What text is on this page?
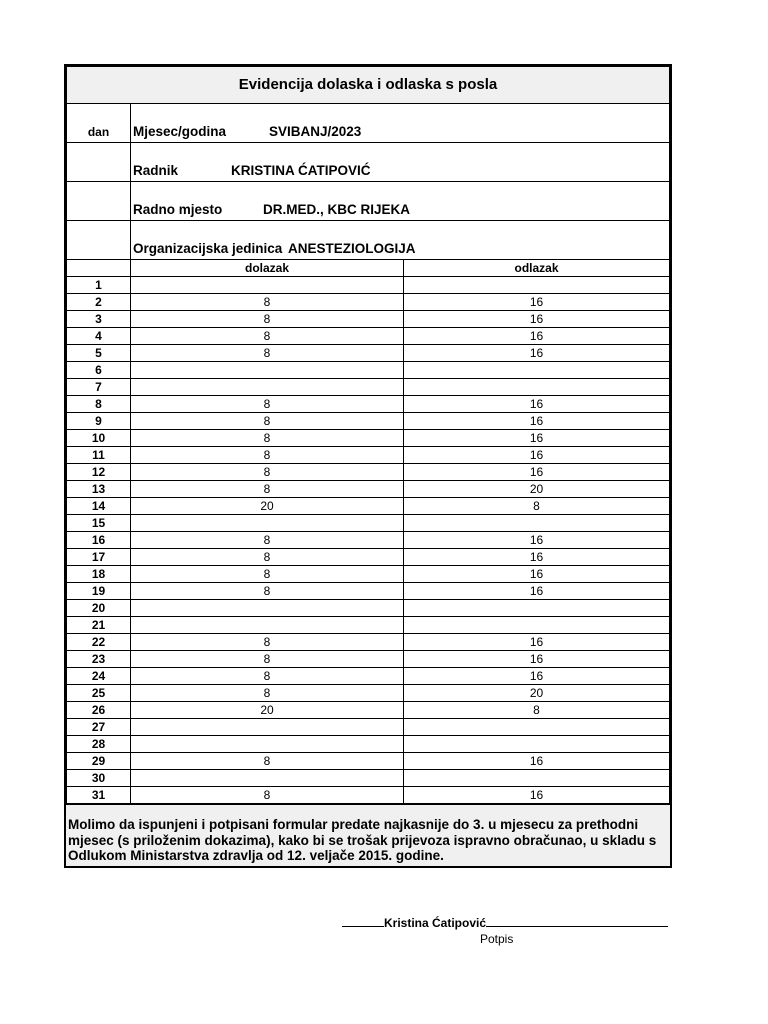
Evidencija dolaska i odlaska s posla		
dan	Mjesec/godina SVIBANJ/2023	
	Radnik KRISTINA ĆATIPOVIĆ	
	Radno mjesto DR.MED., KBC RIJEKA	
	Organizacijska jedinica ANESTEZIOLOGIJA	
	dolazak	odlazak
1		
2	8	16
3	8	16
4	8	16
5	8	16
6		
7		
8	8	16
9	8	16
10	8	16
11	8	16
12	8	16
13	8	20
14	20	8
15		
16	8	16
17	8	16
18	8	16
19	8	16
20		
21		
22	8	16
23	8	16
24	8	16
25	8	20
26	20	8
27		
28		
29	8	16
30		
31	8	16
Molimo da ispunjeni i potpisani formular predate najkasnije do 3. u mjesecu za prethodni mjesec (s priloženim dokazima), kako bi se trošak prijevoza ispravno obračunao, u skladu s Odlukom Ministarstva zdravlja od 12. veljače 2015. godine.
Kristina Ćatipović
Potpis
